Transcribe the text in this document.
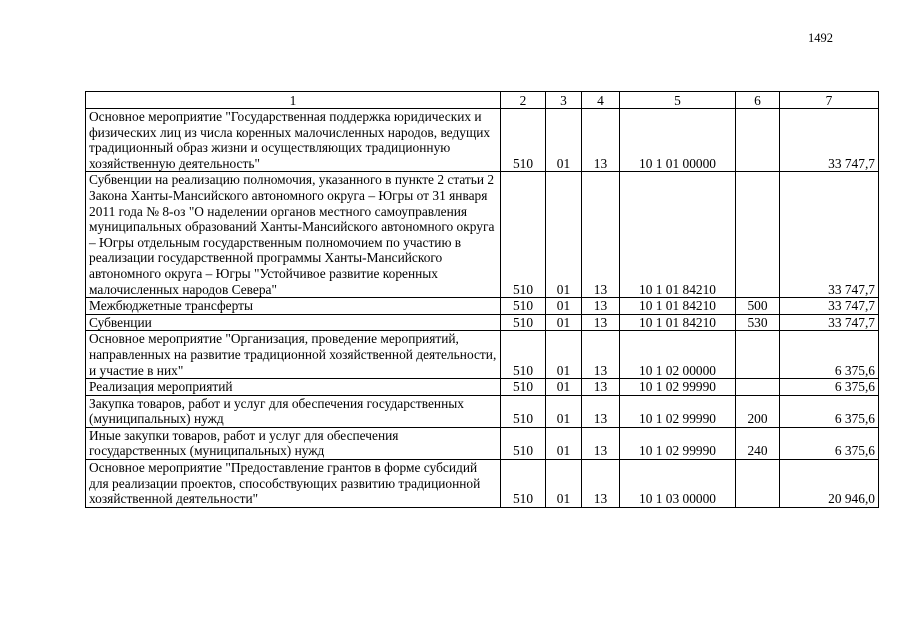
1492
1	2	3	4	5	6	7
Основное мероприятие "Государственная поддержка юридических и физических лиц из числа коренных малочисленных народов, ведущих традиционный образ жизни и осуществляющих традиционную хозяйственную деятельность"	510	01	13	10 1 01 00000		33 747,7
Субвенции на реализацию полномочия, указанного в пункте 2 статьи 2 Закона Ханты-Мансийского автономного округа – Югры от 31 января 2011 года № 8-оз "О наделении органов местного самоуправления муниципальных образований Ханты-Мансийского автономного округа – Югры отдельным государственным полномочием по участию в реализации государственной программы Ханты-Мансийского автономного округа – Югры "Устойчивое развитие коренных малочисленных народов Севера"	510	01	13	10 1 01 84210		33 747,7
Межбюджетные трансферты	510	01	13	10 1 01 84210	500	33 747,7
Субвенции	510	01	13	10 1 01 84210	530	33 747,7
Основное мероприятие "Организация, проведение мероприятий, направленных на развитие традиционной хозяйственной деятельности, и участие в них"	510	01	13	10 1 02 00000		6 375,6
Реализация мероприятий	510	01	13	10 1 02 99990		6 375,6
Закупка товаров, работ и услуг для обеспечения государственных (муниципальных) нужд	510	01	13	10 1 02 99990	200	6 375,6
Иные закупки товаров, работ и услуг для обеспечения государственных (муниципальных) нужд	510	01	13	10 1 02 99990	240	6 375,6
Основное мероприятие "Предоставление грантов в форме субсидий для реализации проектов, способствующих развитию традиционной хозяйственной деятельности"	510	01	13	10 1 03 00000		20 946,0
